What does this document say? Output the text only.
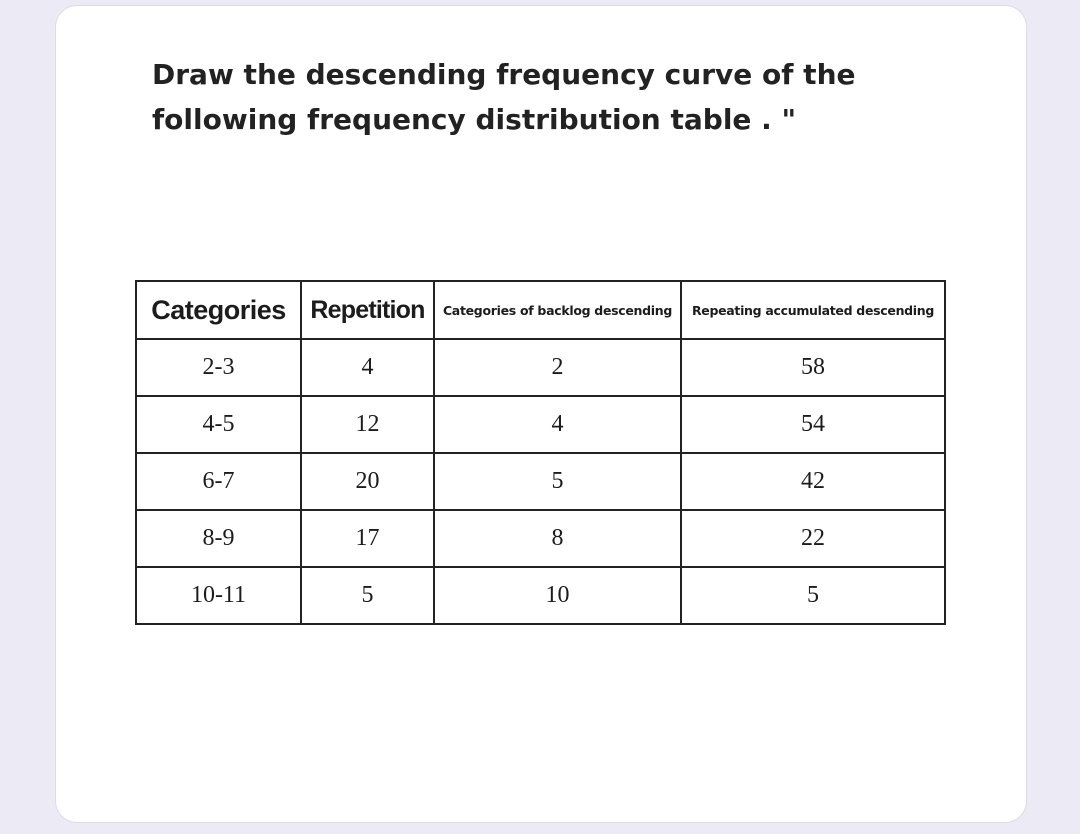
Draw the descending frequency curve of the
following frequency distribution table . "

Categories	Repetition	Categories of backlog descending	Repeating accumulated descending
2-3	4	2	58
4-5	12	4	54
6-7	20	5	42
8-9	17	8	22
10-11	5	10	5
